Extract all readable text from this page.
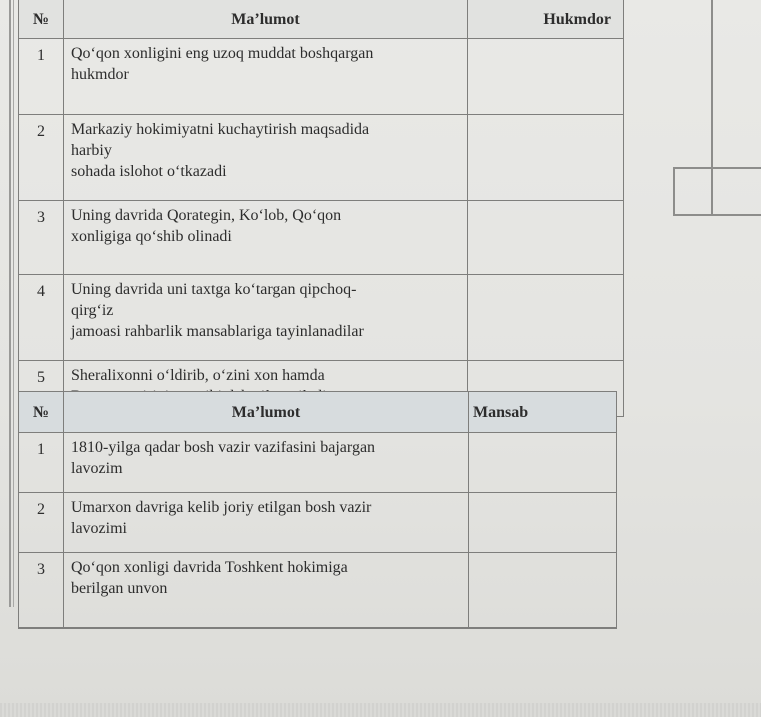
№	Ma’lumot	Hukmdor
1	Qo‘qon xonligini eng uzoq muddat boshqargan
hukmdor	

2	Markaziy hokimiyatni kuchaytirish maqsadida
harbiy
sohada islohot o‘tkazadi	

3	Uning davrida Qorategin, Ko‘lob, Qo‘qon
xonligiga qo‘shib olinadi	

4	Uning davrida uni taxtga ko‘targan qipchoq-
qirg‘iz
jamoasi rahbarlik mansablariga tayinlanadilar	

5	Sheralixonni o‘ldirib, o‘zini xon hamda	

№	Ma’lumot	Mansab
1	1810-yilga qadar bosh vazir vazifasini bajargan
lavozim	

2	Umarxon davriga kelib joriy etilgan bosh vazir
lavozimi	

3	Qo‘qon xonligi davrida Toshkent hokimiga
berilgan unvon	
